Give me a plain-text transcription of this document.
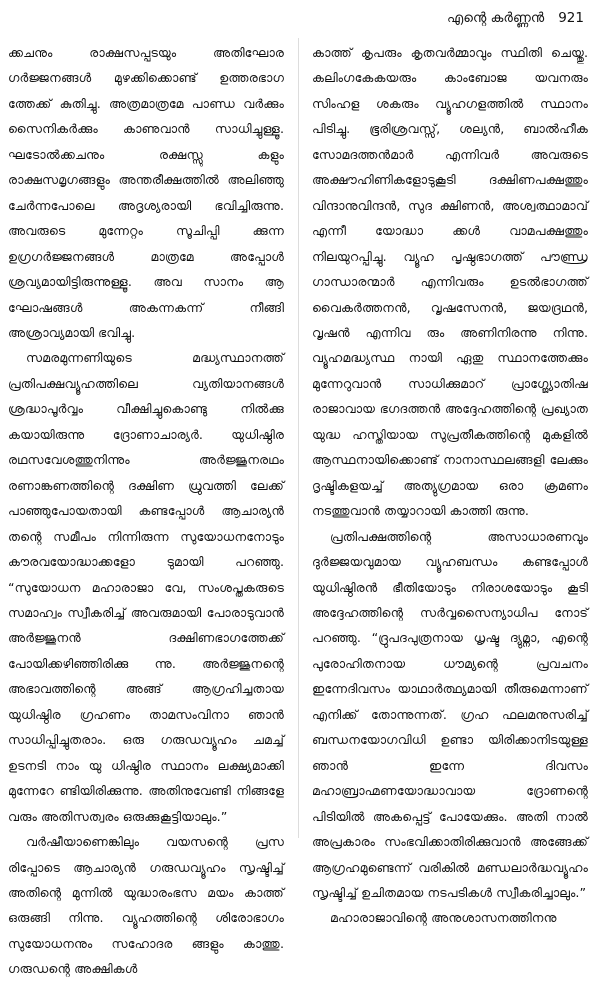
എന്റെ കർണ്ണൻ 921

ക്കചനും രാക്ഷസപ്പടയും അതിഘോര ഗർജ്ജനങ്ങൾ മുഴക്കിക്കൊണ്ട് ഉത്തരഭാഗ ത്തേക്ക് കുതിച്ചു. അത്രമാത്രമേ പാണ്ഡ വർക്കും സൈനികർക്കും കാണുവാൻ സാധിച്ചുള്ളൂ. ഘടോൽക്കചനും രക്ഷസ്സു കളും രാക്ഷസമൃഗങ്ങളും അന്തരീക്ഷത്തിൽ അലിഞ്ഞു ചേർന്നപോലെ അദൃശ്യരായി ഭവിച്ചിരുന്നു. അവരുടെ മുന്നേറ്റം സൂചിപ്പി ക്കുന്ന ഉഗ്രഗർജ്ജനങ്ങൾ മാത്രമേ അപ്പോൾ ശ്രവ്യമായിട്ടിരുന്നുള്ളൂ. അവ സാനം ആ ഘോഷങ്ങൾ അകന്നകന്ന് നീങ്ങി അശ്രാവ്യമായി ഭവിച്ചു.

സമരമുന്നണിയുടെ മദ്ധ്യസ്ഥാനത്ത് പ്രതിപക്ഷവ്യൂഹത്തിലെ വ്യതിയാനങ്ങൾ ശ്രദ്ധാപൂർവ്വം വീക്ഷിച്ചുകൊണ്ടു നിൽക്കു കയായിരുന്നു ദ്രോണാചാര്യർ. യുധിഷ്ഠിര രഥസവേശത്തുനിന്നും അർജ്ജുനരഥം രണാങ്കണത്തിന്റെ ദക്ഷിണ ധ്രുവത്തി ലേക്ക് പാഞ്ഞുപോയതായി കണ്ടപ്പോൾ ആചാര്യൻ തന്റെ സമീപം നിന്നിരുന്ന സുയോധനനോടും കൗരവയോദ്ധാക്കളോ ടുമായി പറഞ്ഞു. “സുയോധന മഹാരാജാ വേ, സംശപ്തകരുടെ സമാഹ്വം സ്വീകരിച്ച് അവരുമായി പോരാടുവാൻ അർജ്ജുനൻ ദക്ഷിണഭാഗത്തേക്ക് പോയിക്കഴിഞ്ഞിരിക്കു ന്നു. അർജ്ജുനന്റെ അഭാവത്തിന്റെ അങ്ങ് ആഗ്രഹിച്ചതായ യുധിഷ്ഠിര ഗ്രഹണം താമസംവിനാ ഞാൻ സാധിപ്പിച്ചുതരാം. ഒരു ഗരുഡവ്യൂഹം ചമച്ച് ഉടനടി നാം യു ധിഷ്ഠിര സ്ഥാനം ലക്ഷ്യമാക്കി മുന്നേറേ ണ്ടിയിരിക്കുന്നു. അതിനുവേണ്ടി നിങ്ങളേ വരും അതിസത്വരം ഒരുക്കുകൂട്ടിയാലും.”

വർഷീയാണെങ്കിലും വയസന്റെ പ്രസ രിപ്പോടെ ആചാര്യൻ ഗരുഡവ്യൂഹം സൃഷ്ടിച്ച് അതിന്റെ മുന്നിൽ യുദ്ധാരംഭസ മയം കാത്ത് ഒരുങ്ങി നിന്നു. വ്യൂഹത്തിന്റെ ശിരോഭാഗം സുയോധനനും സഹോദര ങ്ങളും കാത്തു. ഗരുഡന്റെ അക്ഷികൾ

കാത്ത് കൃപരും കൃതവർമ്മാവും സ്ഥിതി ചെയ്തു. കലിംഗകേകയരും കാംബോജ യവനരും സിംഹള ശകരും വ്യൂഹഗളത്തിൽ സ്ഥാനം പിടിച്ചു. ഭൂരിശ്രവസ്സ്, ശല്യൻ, ബാൽഹീക സോമദത്തൻമാർ എന്നിവർ അവരുടെ അക്ഷൗഹിണികളോടുകൂടി ദക്ഷിണപക്ഷത്തും വിന്ദാനുവിന്ദൻ, സുദ ക്ഷിണൻ, അശ്വത്ഥാമാവ് എന്നീ യോദ്ധാ ക്കൾ വാമപക്ഷത്തും നിലയുറപ്പിച്ചു. വ്യൂഹ പൃഷ്ഠഭാഗത്ത് പൗണ്ഡ്ര ഗാന്ധാരന്മാർ എന്നിവരും ഉടൽഭാഗത്ത് വൈകർത്തനൻ, വൃഷസേനൻ, ജയദ്രഥൻ, വൃഷൻ എന്നിവ രും അണിനിരന്നു നിന്നു. വ്യൂഹമദ്ധ്യസ്ഥ നായി ഏതു സ്ഥാനത്തേക്കും മുന്നേറുവാൻ സാധിക്കുമാറ് പ്രാഗ്ജ്യോതിഷ രാജാവായ ഭഗദത്തൻ അദ്ദേഹത്തിന്റെ പ്രഖ്യാത യുദ്ധ ഹസ്തിയായ സുപ്രതീകത്തിന്റെ മുകളിൽ ആസ്ഥനായിക്കൊണ്ട് നാനാസ്ഥലങ്ങളി ലേക്കും ദൃഷ്ടികളയച്ച് അത്യുഗ്രമായ ഒരാ ക്രമണം നടത്തുവാൻ തയ്യാറായി കാത്തി രുന്നു.

പ്രതിപക്ഷത്തിന്റെ അസാധാരണവും ദുർജ്ജയവുമായ വ്യൂഹബന്ധം കണ്ടപ്പോൾ യുധിഷ്ഠിരൻ ഭീതിയോടും നിരാശയോടും കൂടി അദ്ദേഹത്തിന്റെ സർവ്വസൈന്യാധിപ നോട് പറഞ്ഞു. “ദ്രുപദപുത്രനായ ധൃഷ്ട ദ്യുമ്നാ, എന്റെ പുരോഹിതനായ ധൗമ്യന്റെ പ്രവചനം ഇന്നേദിവസം യാഥാർത്ഥ്യമായി തീരുമെന്നാണ് എനിക്ക് തോന്നുന്നത്. ഗ്രഹ ഫലമനുസരിച്ച് ബന്ധനയോഗവിധി ഉണ്ടാ യിരിക്കാനിടയുള്ള ഞാൻ ഇന്നേ ദിവസം മഹാബ്രാഹ്മണയോദ്ധാവായ ദ്രോണന്റെ പിടിയിൽ അകപ്പെട്ട് പോയേക്കും. അതി നാൽ അപ്രകാരം സംഭവിക്കാതിരിക്കുവാൻ അങ്ങേക്ക് ആഗ്രഹമുണ്ടെന്ന് വരികിൽ മണ്ഡലാർദ്ധവ്യൂഹം സൃഷ്ടിച്ച് ഉചിതമായ നടപടികൾ സ്വീകരിച്ചാലും.”

മഹാരാജാവിന്റെ അനുശാസനത്തിനനു
